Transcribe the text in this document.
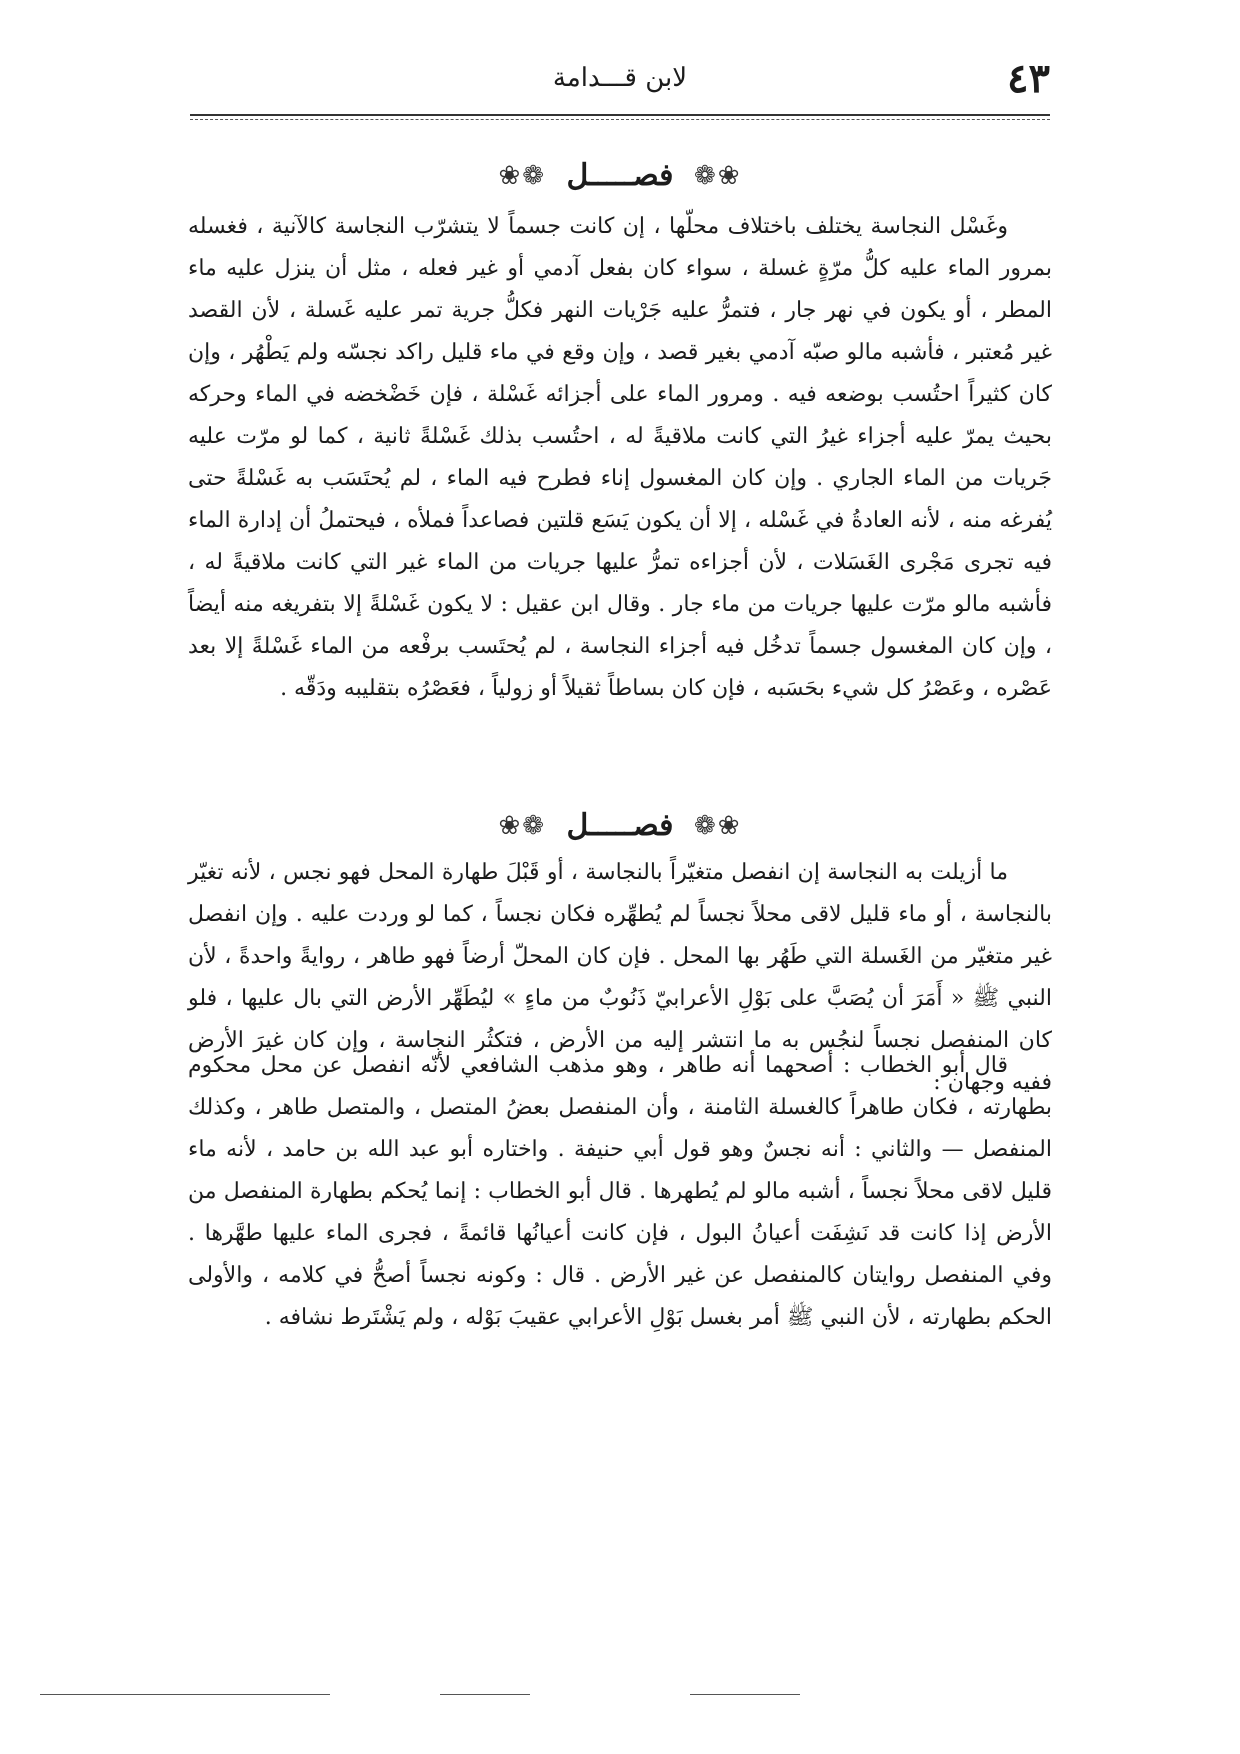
٤٣
لابن قـــدامة
❀❁ فصـــــل ❁❀

وغَسْل النجاسة يختلف باختلاف محلّها ، إن كانت جسماً لا يتشرّب النجاسة كالآنية ، فغسله بمرور الماء عليه كلُّ مرّةٍ غسلة ، سواء كان بفعل آدمي أو غير فعله ، مثل أن ينزل عليه ماء المطر ، أو يكون في نهر جار ، فتمرُّ عليه جَرْيات النهر فكلُّ جرية تمر عليه غَسلة ، لأن القصد غير مُعتبر ، فأشبه مالو صبّه آدمي بغير قصد ، وإن وقع في ماء قليل راكد نجسّه ولم يَطْهُر ، وإن كان كثيراً احتُسب بوضعه فيه . ومرور الماء على أجزائه غَسْلة ، فإن خَضْخضه في الماء وحركه بحيث يمرّ عليه أجزاء غيرُ التي كانت ملاقيةً له ، احتُسب بذلك غَسْلةً ثانية ، كما لو مرّت عليه جَريات من الماء الجاري . وإن كان المغسول إناء فطرح فيه الماء ، لم يُحتَسَب به غَسْلةً حتى يُفرغه منه ، لأنه العادةُ في غَسْله ، إلا أن يكون يَسَع قلتين فصاعداً فملأه ، فيحتملُ أن إدارة الماء فيه تجرى مَجْرى الغَسَلات ، لأن أجزاءه تمرُّ عليها جريات من الماء غير التي كانت ملاقيةً له ، فأشبه مالو مرّت عليها جريات من ماء جار . وقال ابن عقيل : لا يكون غَسْلةً إلا بتفريغه منه أيضاً ، وإن كان المغسول جسماً تدخُل فيه أجزاء النجاسة ، لم يُحتَسب برفْعه من الماء غَسْلةً إلا بعد عَصْره ، وعَصْرُ كل شيء بحَسَبه ، فإن كان بساطاً ثقيلاً أو زولياً ، فعَصْرُه بتقليبه ودَقّه .

❀❁ فصـــــل ❁❀

ما أزيلت به النجاسة إن انفصل متغيّراً بالنجاسة ، أو قَبْلَ طهارة المحل فهو نجس ، لأنه تغيّر بالنجاسة ، أو ماء قليل لاقى محلاً نجساً لم يُطهِّره فكان نجساً ، كما لو وردت عليه . وإن انفصل غير متغيّر من الغَسلة التي طَهُر بها المحل . فإن كان المحلّ أرضاً فهو طاهر ، روايةً واحدةً ، لأن النبي ﷺ « أَمَرَ أن يُصَبَّ على بَوْلِ الأعرابيّ ذَنُوبٌ من ماءٍ » ليُطَهِّر الأرض التي بال عليها ، فلو كان المنفصل نجساً لنجُس به ما انتشر إليه من الأرض ، فتكثُر النجاسة ، وإن كان غيرَ الأرض ففيه وجهان :

قال أبو الخطاب : أصحهما أنه طاهر ، وهو مذهب الشافعي لأنّه انفصل عن محل محكوم بطهارته ، فكان طاهراً كالغسلة الثامنة ، وأن المنفصل بعضُ المتصل ، والمتصل طاهر ، وكذلك المنفصل — والثاني : أنه نجسٌ وهو قول أبي حنيفة . واختاره أبو عبد الله بن حامد ، لأنه ماء قليل لاقى محلاً نجساً ، أشبه مالو لم يُطهرها . قال أبو الخطاب : إنما يُحكم بطهارة المنفصل من الأرض إذا كانت قد نَشِفَت أعيانُ البول ، فإن كانت أعيانُها قائمةً ، فجرى الماء عليها طهَّرها . وفي المنفصل روايتان كالمنفصل عن غير الأرض . قال : وكونه نجساً أصحُّ في كلامه ، والأولى الحكم بطهارته ، لأن النبي ﷺ أمر بغسل بَوْلِ الأعرابي عقيبَ بَوْله ، ولم يَشْتَرط نشافه .
